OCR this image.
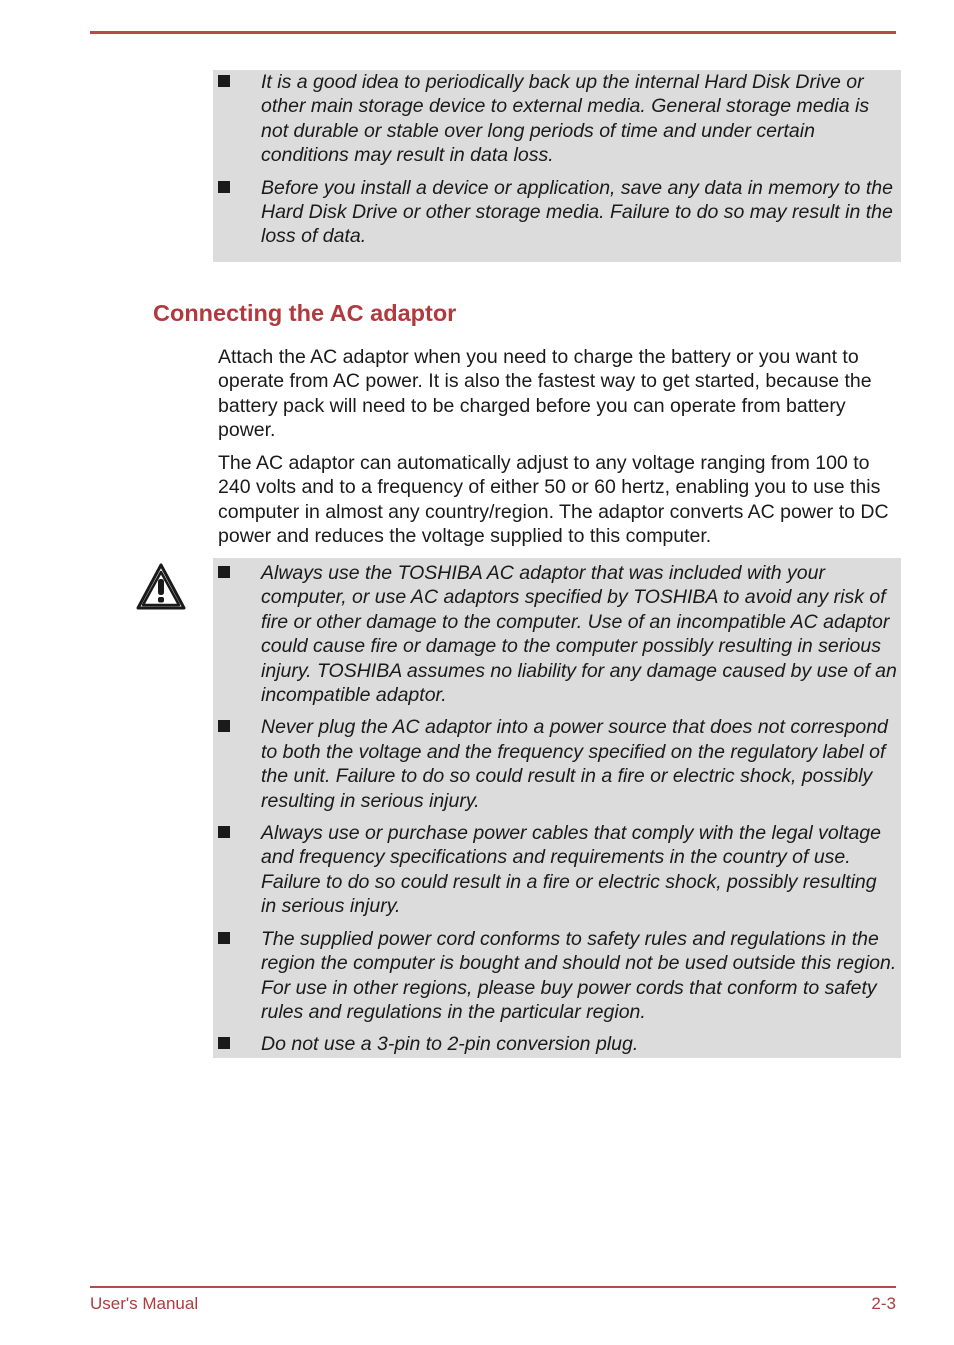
It is a good idea to periodically back up the internal Hard Disk Drive or other main storage device to external media. General storage media is not durable or stable over long periods of time and under certain conditions may result in data loss.
Before you install a device or application, save any data in memory to the Hard Disk Drive or other storage media. Failure to do so may result in the loss of data.
Connecting the AC adaptor

Attach the AC adaptor when you need to charge the battery or you want to operate from AC power. It is also the fastest way to get started, because the battery pack will need to be charged before you can operate from battery power.

The AC adaptor can automatically adjust to any voltage ranging from 100 to 240 volts and to a frequency of either 50 or 60 hertz, enabling you to use this computer in almost any country/region. The adaptor converts AC power to DC power and reduces the voltage supplied to this computer.

Always use the TOSHIBA AC adaptor that was included with your computer, or use AC adaptors specified by TOSHIBA to avoid any risk of fire or other damage to the computer. Use of an incompatible AC adaptor could cause fire or damage to the computer possibly resulting in serious injury. TOSHIBA assumes no liability for any damage caused by use of an incompatible adaptor.
Never plug the AC adaptor into a power source that does not correspond to both the voltage and the frequency specified on the regulatory label of the unit. Failure to do so could result in a fire or electric shock, possibly resulting in serious injury.
Always use or purchase power cables that comply with the legal voltage and frequency specifications and requirements in the country of use. Failure to do so could result in a fire or electric shock, possibly resulting in serious injury.
The supplied power cord conforms to safety rules and regulations in the region the computer is bought and should not be used outside this region. For use in other regions, please buy power cords that conform to safety rules and regulations in the particular region.
Do not use a 3-pin to 2-pin conversion plug.
User's Manual	2-3
